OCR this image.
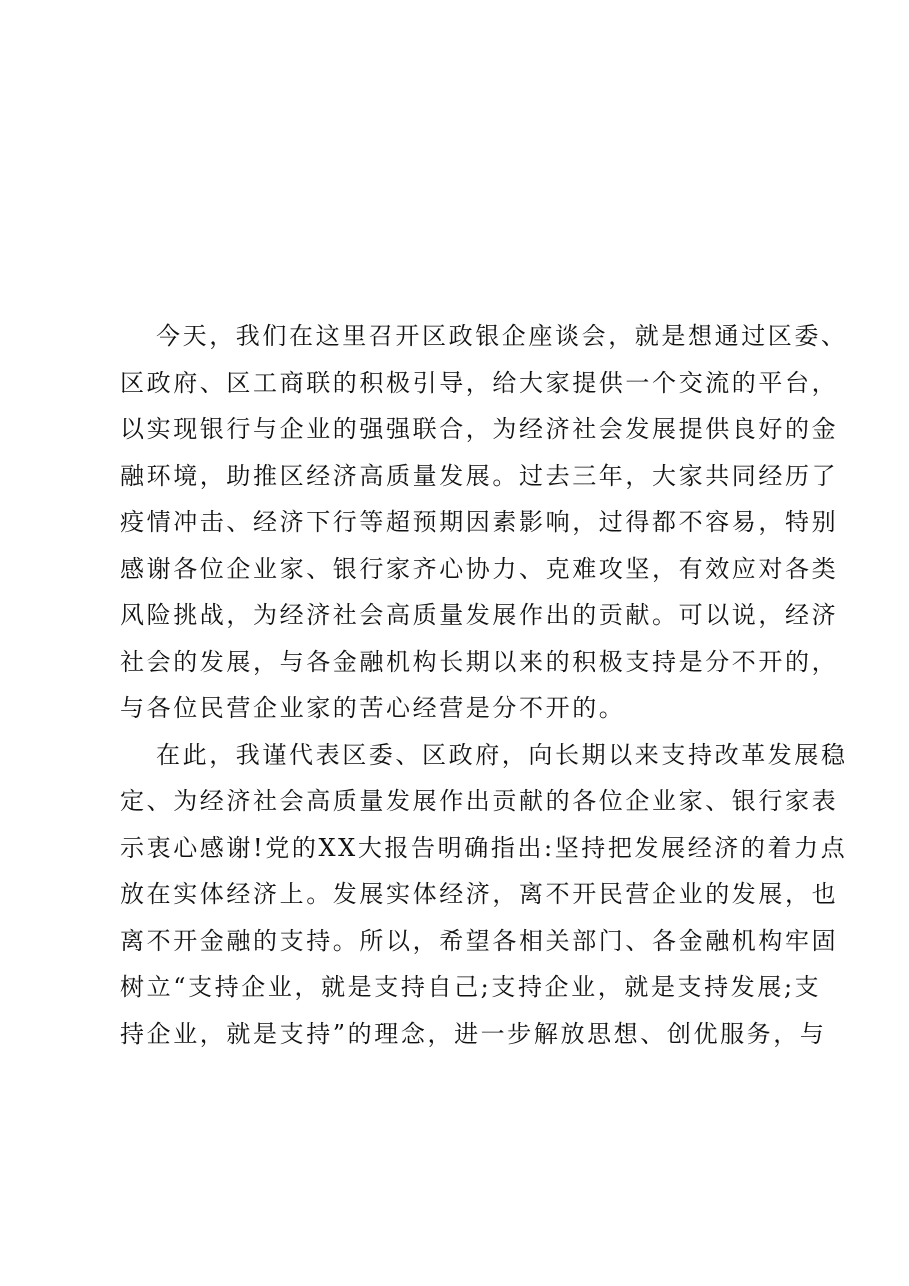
今天，我们在这里召开区政银企座谈会，就是想通过区委、
区政府、区工商联的积极引导，给大家提供一个交流的平台，
以实现银行与企业的强强联合，为经济社会发展提供良好的金
融环境，助推区经济高质量发展。过去三年，大家共同经历了
疫情冲击、经济下行等超预期因素影响，过得都不容易，特别
感谢各位企业家、银行家齐心协力、克难攻坚，有效应对各类
风险挑战，为经济社会高质量发展作出的贡献。可以说，经济
社会的发展，与各金融机构长期以来的积极支持是分不开的，
与各位民营企业家的苦心经营是分不开的。
在此，我谨代表区委、区政府，向长期以来支持改革发展稳
定、为经济社会高质量发展作出贡献的各位企业家、银行家表
示衷心感谢!党的XX大报告明确指出:坚持把发展经济的着力点
放在实体经济上。发展实体经济，离不开民营企业的发展，也
离不开金融的支持。所以，希望各相关部门、各金融机构牢固
树立“支持企业，就是支持自己;支持企业，就是支持发展;支
持企业，就是支持”的理念，进一步解放思想、创优服务，与
